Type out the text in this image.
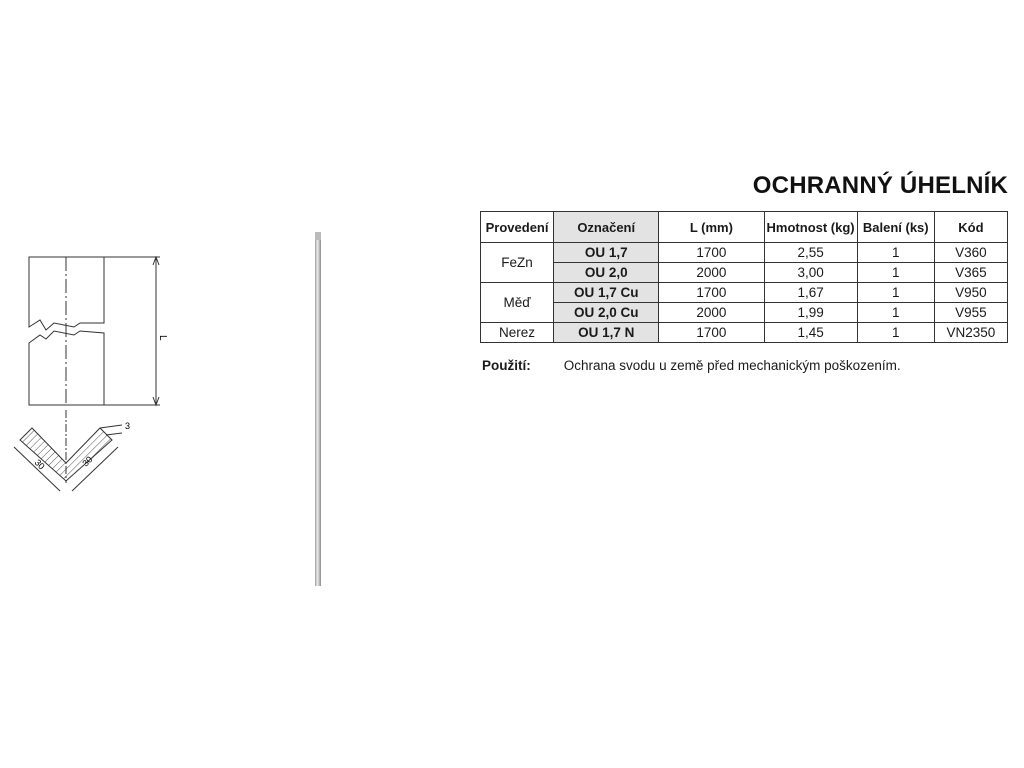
L
3
30	30
OCHRANNÝ ÚHELNÍK
Provedení	Označení	L (mm)	Hmotnost (kg)	Balení (ks)	Kód
FeZn	OU 1,7	1700	2,55	1	V360
	OU 2,0	2000	3,00	1	V365
Měď	OU 1,7 Cu	1700	1,67	1	V950
	OU 2,0 Cu	2000	1,99	1	V955
Nerez	OU 1,7 N	1700	1,45	1	VN2350
Použití: Ochrana svodu u země před mechanickým poškozením.
